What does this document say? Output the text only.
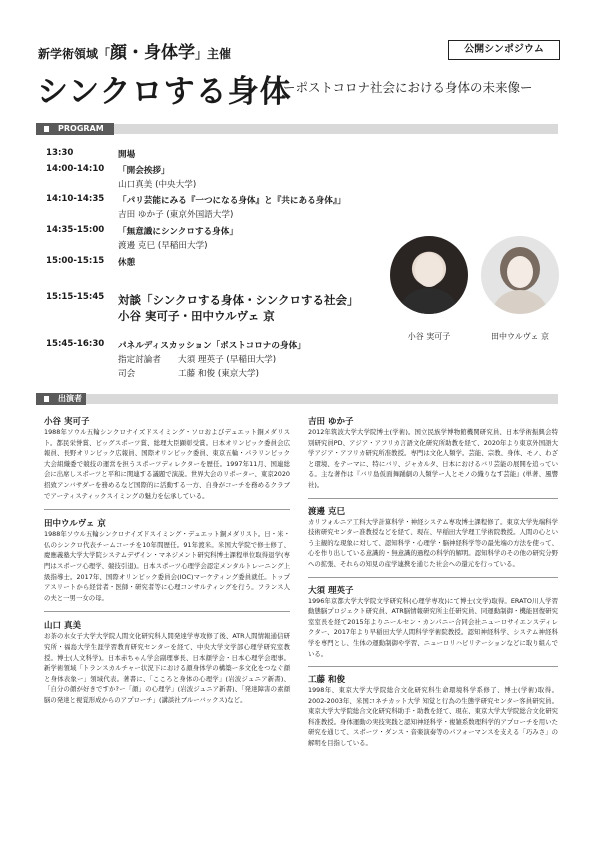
新学術領域「顔・身体学」主催	公開シンポジウム
シンクロする身体
ーポストコロナ社会における身体の未来像ー
PROGRAM
13:30	開場
14:00-14:10 「開会挨拶」
山口真美 (中央大学)
14:10-14:35 「パリ芸能にみる『一つになる身体』と『共にある身体』」
吉田 ゆか子 (東京外国語大学)
14:35-15:00 「無意識にシンクロする身体」
渡邊 克巳 (早稲田大学)
15:00-15:15 休憩
15:15-15:45 対談「シンクロする身体・シンクロする社会」
小谷 実可子・田中ウルヴェ 京
15:45-16:30 パネルディスカッション「ポストコロナの身体」
指定討論者 大須 理英子 (早稲田大学)
司会	工藤 和俊 (東京大学)
小谷 実可子	田中ウルヴェ 京
出演者
小谷 実可子
1988年ソウル五輪シンクロナイズドスイミング・ソロおよびデュエット銅メダリスト。都民栄誉賞、ビッグスポーツ賞、総理大臣顕彰受賞。日本オリンピック委員会広報員、長野オリンピック広報員、国際オリンピック委員、東京五輪・パラリンピック大会組織委で競技の運営を担うスポーツディレクターを歴任。1997年11月、国連総会に出席しスポーツと平和に関連する議題で演説。世界大会のリポーター、東京2020招致アンバサダーを務めるなど国際的に活動する一方、自身がコーチを務めるクラブでアーティスティックスイミングの魅力を伝承している。
田中ウルヴェ 京
1988年ソウル五輪シンクロナイズドスイミング・デュエット銅メダリスト。日・米・仏のシンクロ代表チームコーチを10年間歴任。91年渡米。米国大学院で修士修了、慶應義塾大学大学院システムデザイン・マネジメント研究科博士課程単位取得退学(専門はスポーツ心理学、競技引退)。日本スポーツ心理学会認定メンタルトレーニング上級指導士。2017年、国際オリンピック委員会(IOC)マーケティング委員就任。トップアスリートから経営者・医師・研究者等に心理コンサルティングを行う。フランス人の夫と一男一女の母。
山口 真美
お茶の水女子大学大学院人間文化研究科人間発達学専攻修了後、ATR人間情報通信研究所・福島大学生涯学習教育研究センターを経て、中央大学文学部心理学研究室教授。博士(人文科学)。日本赤ちゃん学会副理事長、日本顔学会・日本心理学会理事。新学術領域「トランスカルチャー状況下における顔身体学の構築ー多文化をつなぐ顔と身体表象ー」領域代表。著書に、「こころと身体の心理学」(岩波ジュニア新書)、「自分の顔が好きですか?ー「顔」の心理学」(岩波ジュニア新書)、「発達障害の素顔 脳の発達と視覚形成からのアプローチ」(講談社ブルーバックス)など。
吉田 ゆか子
2012年筑波大学大学院博士(学術)。国立民族学博物館機関研究員、日本学術振興会特別研究員PD、アジア・アフリカ言語文化研究所助教を経て、2020年より東京外国語大学アジア・アフリカ研究所准教授。専門は文化人類学。芸能、宗教、身体、モノ、わざと環境、をテーマに、特にバリ、ジャカルタ、日本におけるバリ芸能の展開を追っている。主な著作は『バリ島仮面舞踊劇の人類学ー人とモノの織りなす芸能』(単著、風響社)。
渡邊 克巳
カリフォルニア工科大学計算科学・神経システム専攻博士課程修了。東京大学先端科学技術研究センター准教授などを経て、現在、早稲田大学理工学術院教授。人間の心という主観的な現象に対して、認知科学・心理学・脳神経科学等の最先端の方法を使って、心を作り出している意識的・無意識的過程の科学的解明。認知科学のその他の研究分野への拡張、それらの知見の産学連携を通じた社会への還元を行っている。
大須 理英子
1996年京都大学大学院文学研究科(心理学専攻)にて博士(文学)取得。ERATO川人学習動態脳プロジェクト研究員、ATR脳情報研究所主任研究員、同運動制御・機能回復研究室室長を経て2015年よりニールセン・カンパニー合同会社ニューロサイエンスディレクター、2017年より早稲田大学人間科学学術院教授。認知神経科学、システム神経科学を専門とし、生体の運動制御や学習、ニューロリハビリテーションなどに取り組んでいる。
工藤 和俊
1998年、東京大学大学院総合文化研究科生命環境科学系修了、博士(学術)取得。2002-2003年、米国コネチカット大学 知覚と行為の生態学研究センター客員研究員。東京大学大学院総合文化研究科助手・助教を経て、現在、東京大学大学院総合文化研究科准教授。身体運動の実技実践と認知神経科学・複雑系数理科学的アプローチを用いた研究を通じて、スポーツ・ダンス・音楽演奏等のパフォーマンスを支える「巧みさ」の解明を目指している。
